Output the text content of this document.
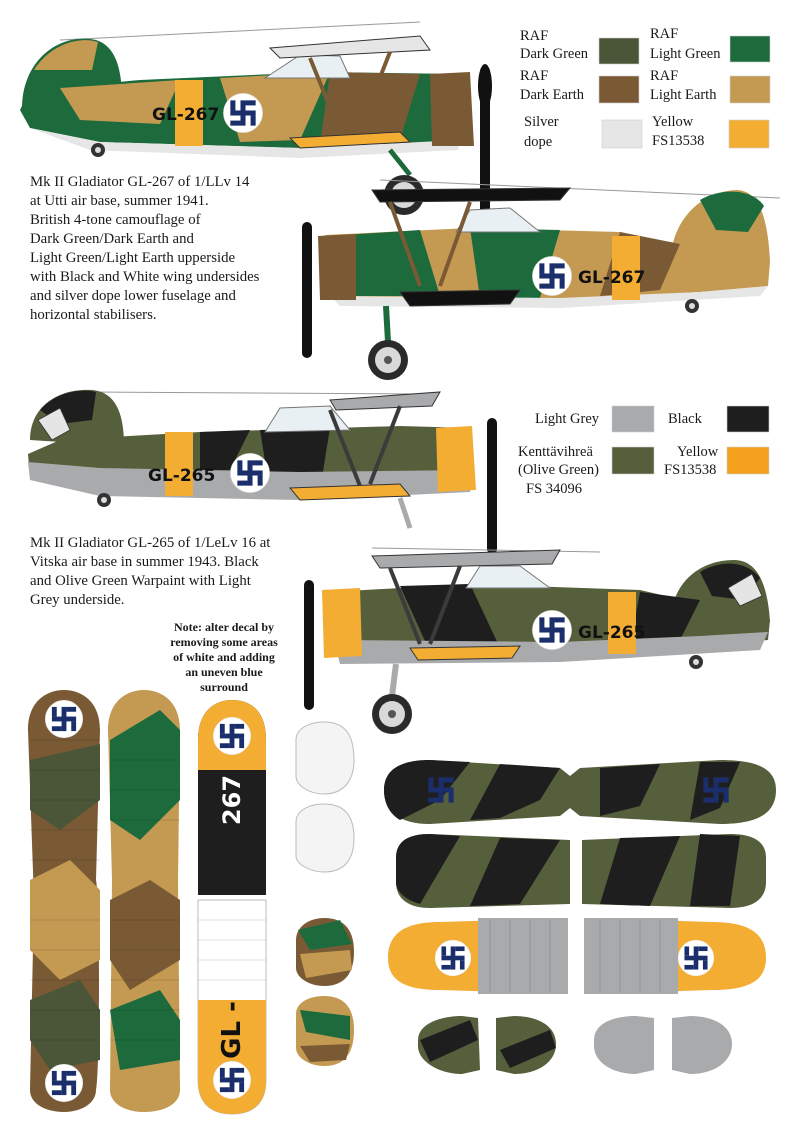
GL-267
GL-267
RAF
Dark Green
RAF
Light Green
RAF
Dark Earth
RAF
Light Earth
Silver
dope
Yellow
FS13538
Mk II Gladiator GL-267 of 1/LLv 14
at Utti air base, summer 1941.
British 4-tone camouflage of
Dark Green/Dark Earth and
Light Green/Light Earth upperside
with Black and White wing undersides
and silver dope lower fuselage and
horizontal stabilisers.
GL-265
Light Grey	Black
Kenttävihreä
(Olive Green)
FS 34096
Yellow
FS13538
Mk II Gladiator GL-265 of 1/LeLv 16 at
Vitska air base in summer 1943. Black
and Olive Green Warpaint with Light
Grey underside.
GL-265
Note: alter decal by
removing some areas
of white and adding
an uneven blue
surround
267
GL -
